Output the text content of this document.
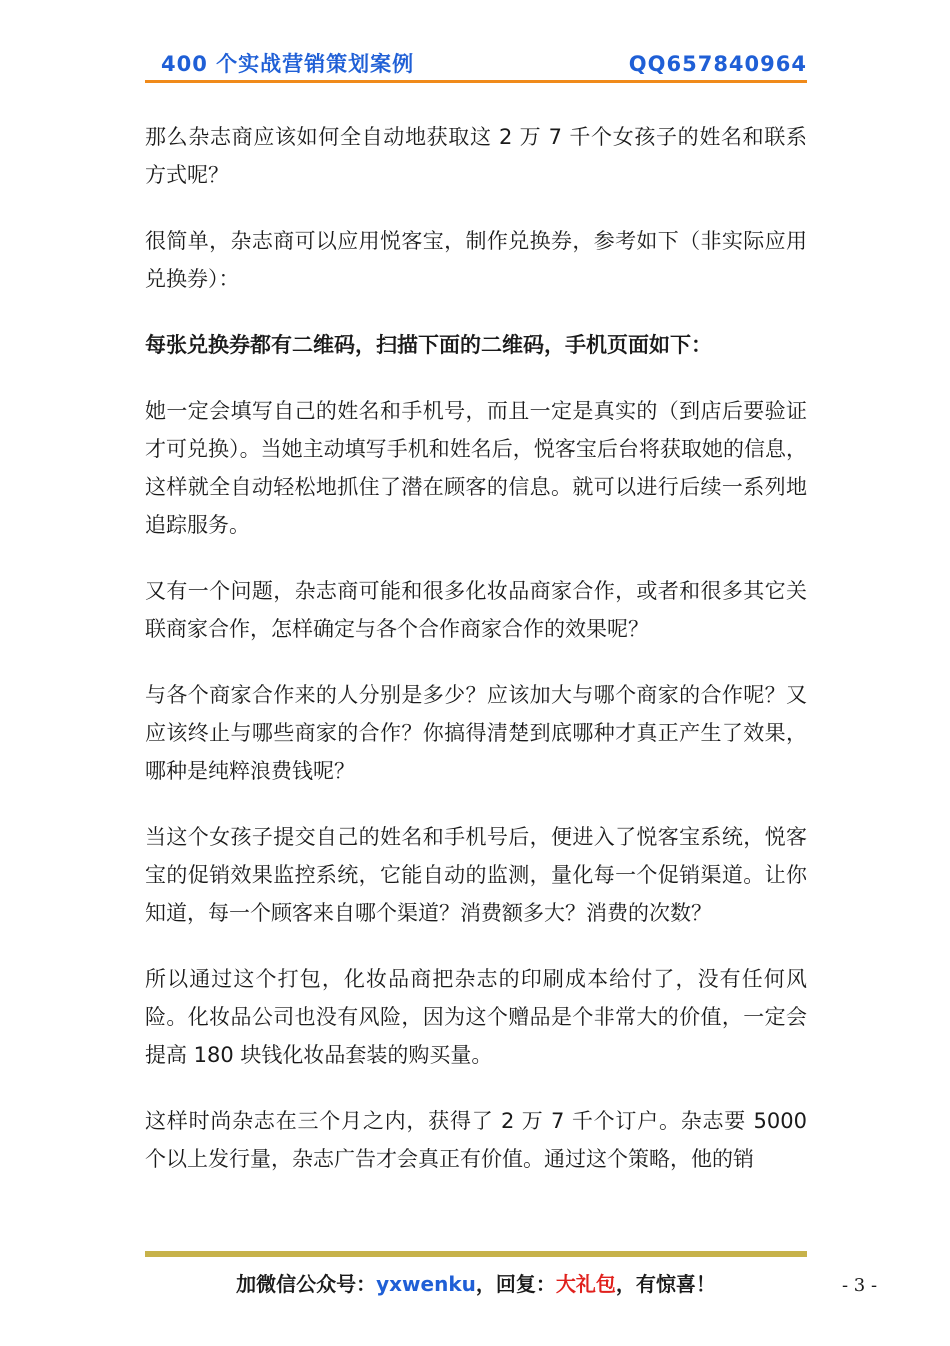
400 个实战营销策划案例	QQ657840964

那么杂志商应该如何全自动地获取这 2 万 7 千个女孩子的姓名和联系方式呢？

很简单，杂志商可以应用悦客宝，制作兑换券，参考如下（非实际应用兑换券）：

每张兑换券都有二维码，扫描下面的二维码，手机页面如下：

她一定会填写自己的姓名和手机号，而且一定是真实的（到店后要验证才可兑换）。当她主动填写手机和姓名后，悦客宝后台将获取她的信息，这样就全自动轻松地抓住了潜在顾客的信息。就可以进行后续一系列地追踪服务。

又有一个问题，杂志商可能和很多化妆品商家合作，或者和很多其它关联商家合作，怎样确定与各个合作商家合作的效果呢？

与各个商家合作来的人分别是多少？应该加大与哪个商家的合作呢？又应该终止与哪些商家的合作？你搞得清楚到底哪种才真正产生了效果，哪种是纯粹浪费钱呢？

当这个女孩子提交自己的姓名和手机号后，便进入了悦客宝系统，悦客宝的促销效果监控系统，它能自动的监测，量化每一个促销渠道。让你知道，每一个顾客来自哪个渠道？消费额多大？消费的次数？

所以通过这个打包，化妆品商把杂志的印刷成本给付了，没有任何风险。化妆品公司也没有风险，因为这个赠品是个非常大的价值，一定会提高 180 块钱化妆品套装的购买量。

这样时尚杂志在三个月之内，获得了 2 万 7 千个订户。杂志要 5000 个以上发行量，杂志广告才会真正有价值。通过这个策略，他的销

加微信公众号：yxwenku，回复：大礼包，有惊喜！	- 3 -
